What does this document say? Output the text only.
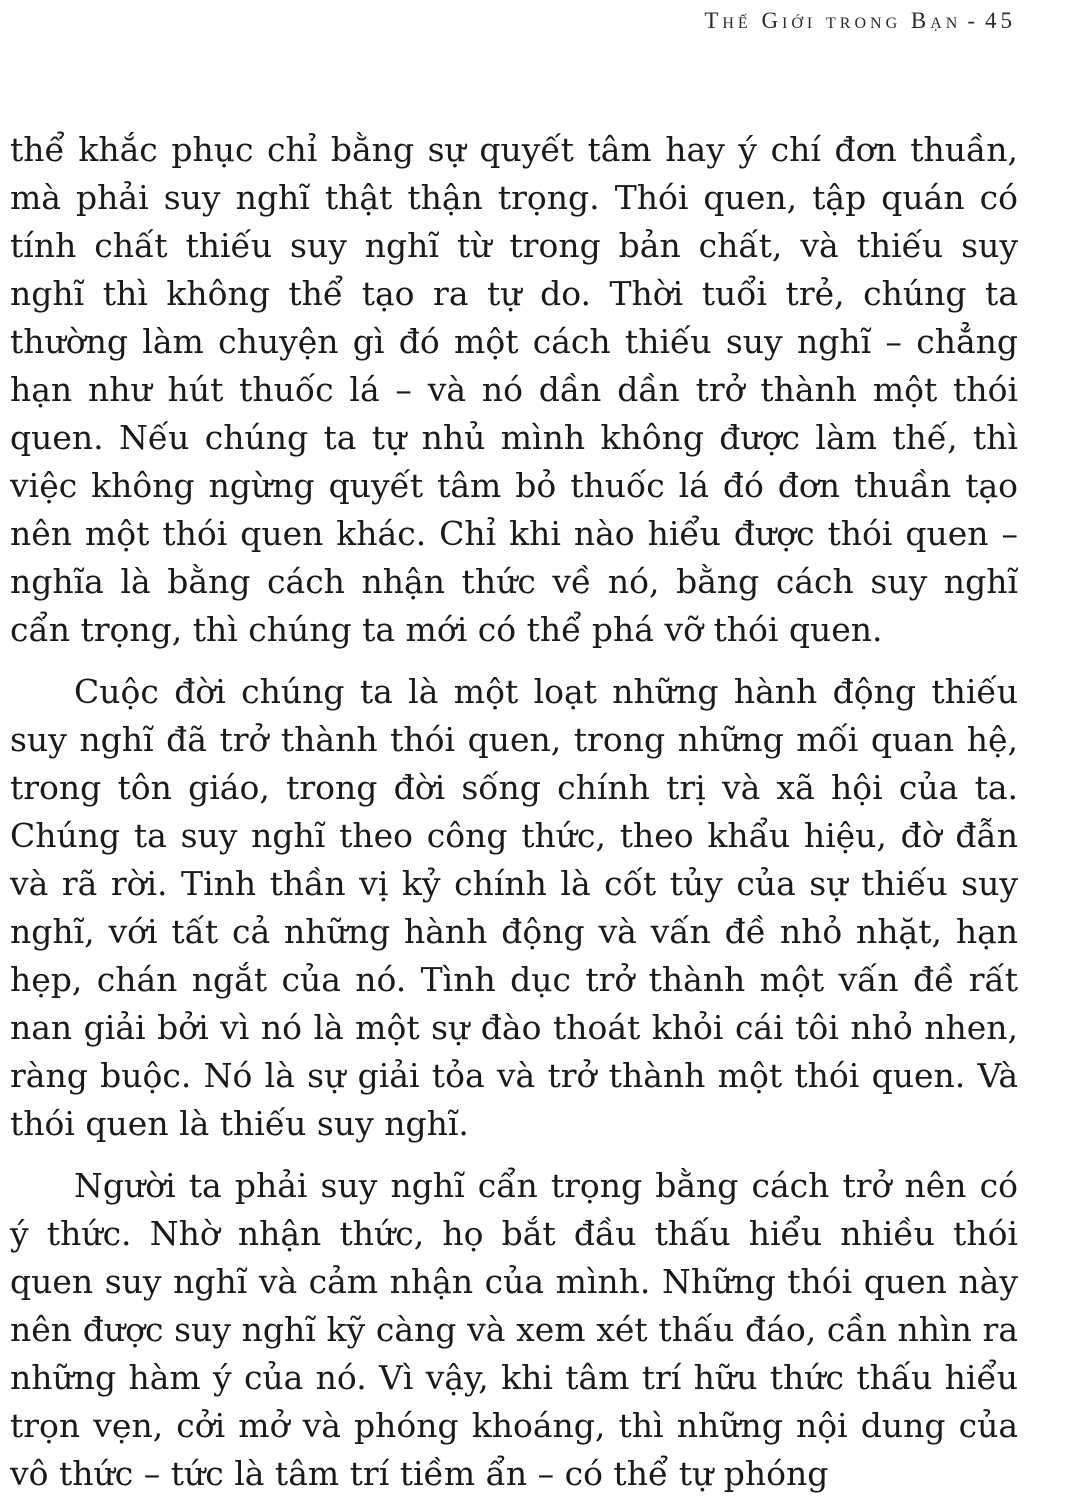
Thế Giới trong Bạn - 45

thể khắc phục chỉ bằng sự quyết tâm hay ý chí đơn thuần, mà phải suy nghĩ thật thận trọng. Thói quen, tập quán có tính chất thiếu suy nghĩ từ trong bản chất, và thiếu suy nghĩ thì không thể tạo ra tự do. Thời tuổi trẻ, chúng ta thường làm chuyện gì đó một cách thiếu suy nghĩ – chẳng hạn như hút thuốc lá – và nó dần dần trở thành một thói quen. Nếu chúng ta tự nhủ mình không được làm thế, thì việc không ngừng quyết tâm bỏ thuốc lá đó đơn thuần tạo nên một thói quen khác. Chỉ khi nào hiểu được thói quen – nghĩa là bằng cách nhận thức về nó, bằng cách suy nghĩ cẩn trọng, thì chúng ta mới có thể phá vỡ thói quen.

Cuộc đời chúng ta là một loạt những hành động thiếu suy nghĩ đã trở thành thói quen, trong những mối quan hệ, trong tôn giáo, trong đời sống chính trị và xã hội của ta. Chúng ta suy nghĩ theo công thức, theo khẩu hiệu, đờ đẫn và rã rời. Tinh thần vị kỷ chính là cốt tủy của sự thiếu suy nghĩ, với tất cả những hành động và vấn đề nhỏ nhặt, hạn hẹp, chán ngắt của nó. Tình dục trở thành một vấn đề rất nan giải bởi vì nó là một sự đào thoát khỏi cái tôi nhỏ nhen, ràng buộc. Nó là sự giải tỏa và trở thành một thói quen. Và thói quen là thiếu suy nghĩ.

Người ta phải suy nghĩ cẩn trọng bằng cách trở nên có ý thức. Nhờ nhận thức, họ bắt đầu thấu hiểu nhiều thói quen suy nghĩ và cảm nhận của mình. Những thói quen này nên được suy nghĩ kỹ càng và xem xét thấu đáo, cần nhìn ra những hàm ý của nó. Vì vậy, khi tâm trí hữu thức thấu hiểu trọn vẹn, cởi mở và phóng khoáng, thì những nội dung của vô thức – tức là tâm trí tiềm ẩn – có thể tự phóng
